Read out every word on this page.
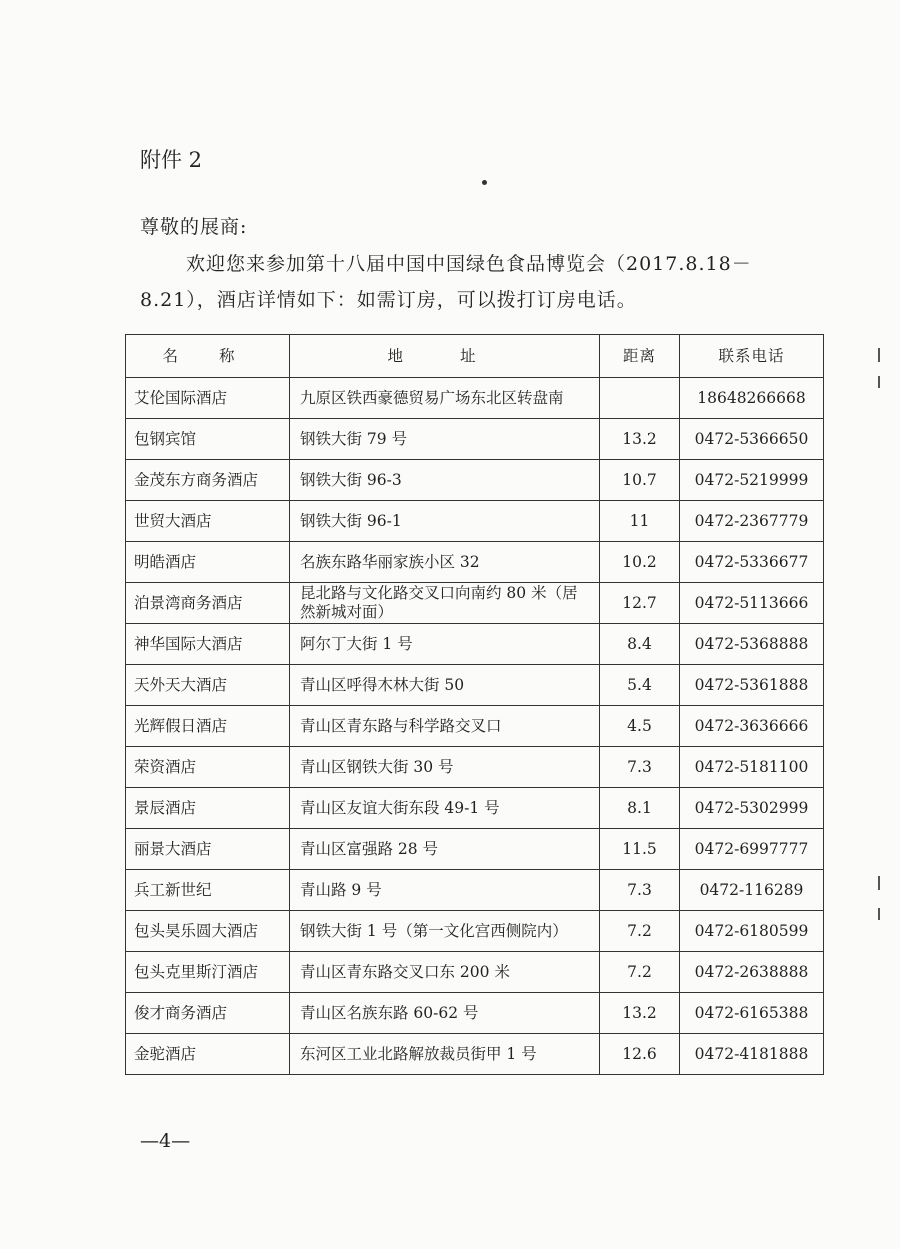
附件 2
尊敬的展商:
欢迎您来参加第十八届中国中国绿色食品博览会（2017.8.18－8.21），酒店详情如下：如需订房，可以拨打订房电话。
名 称	地 址	距离	联系电话
艾伦国际酒店	九原区铁西豪德贸易广场东北区转盘南		18648266668
包钢宾馆	钢铁大街 79 号	13.2	0472-5366650
金茂东方商务酒店	钢铁大街 96-3	10.7	0472-5219999
世贸大酒店	钢铁大街 96-1	11	0472-2367779
明皓酒店	名族东路华丽家族小区 32	10.2	0472-5336677
泊景湾商务酒店	昆北路与文化路交叉口向南约 80 米（居然新城对面）	12.7	0472-5113666
神华国际大酒店	阿尔丁大街 1 号	8.4	0472-5368888
天外天大酒店	青山区呼得木林大街 50	5.4	0472-5361888
光辉假日酒店	青山区青东路与科学路交叉口	4.5	0472-3636666
荣资酒店	青山区钢铁大街 30 号	7.3	0472-5181100
景辰酒店	青山区友谊大街东段 49-1 号	8.1	0472-5302999
丽景大酒店	青山区富强路 28 号	11.5	0472-6997777
兵工新世纪	青山路 9 号	7.3	0472-116289
包头昊乐圆大酒店	钢铁大街 1 号（第一文化宫西侧院内）	7.2	0472-6180599
包头克里斯汀酒店	青山区青东路交叉口东 200 米	7.2	0472-2638888
俊才商务酒店	青山区名族东路 60-62 号	13.2	0472-6165388
金驼酒店	东河区工业北路解放裁员街甲 1 号	12.6	0472-4181888
—4—
